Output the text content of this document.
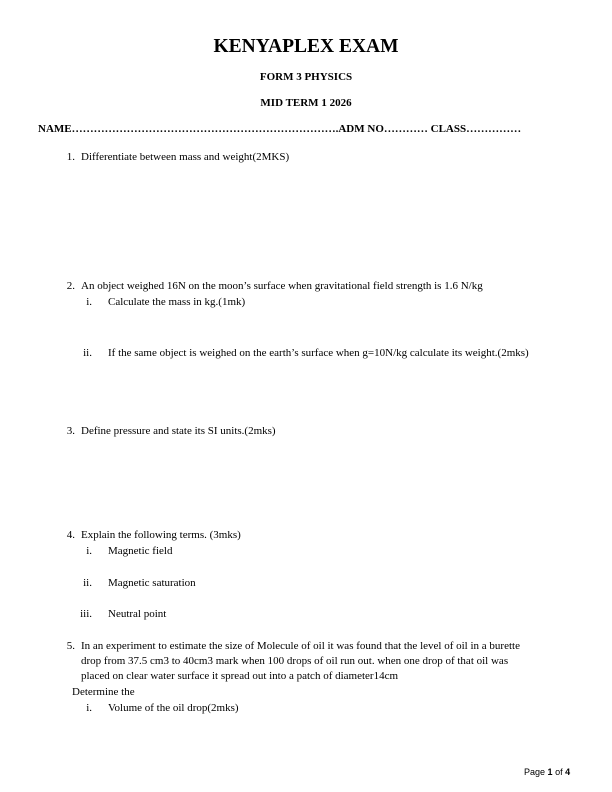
KENYAPLEX EXAM
FORM 3 PHYSICS
MID TERM 1 2026
NAME……………………………………………………………….ADM NO………… CLASS……………
1. Differentiate between mass and weight(2MKS)
2. An object weighed 16N on the moon’s surface when gravitational field strength is 1.6 N/kg
i. Calculate the mass in kg.(1mk)
ii. If the same object is weighed on the earth’s surface when g=10N/kg calculate its weight.(2mks)
3. Define pressure and state its SI units.(2mks)
4. Explain the following terms. (3mks)
i. Magnetic field
ii. Magnetic saturation
iii. Neutral point
5. In an experiment to estimate the size of Molecule of oil it was found that the level of oil in a burette
drop from 37.5 cm3 to 40cm3 mark when 100 drops of oil run out. when one drop of that oil was
placed on clear water surface it spread out into a patch of diameter14cm
Determine the
i. Volume of the oil drop(2mks)
Page 1 of 4
